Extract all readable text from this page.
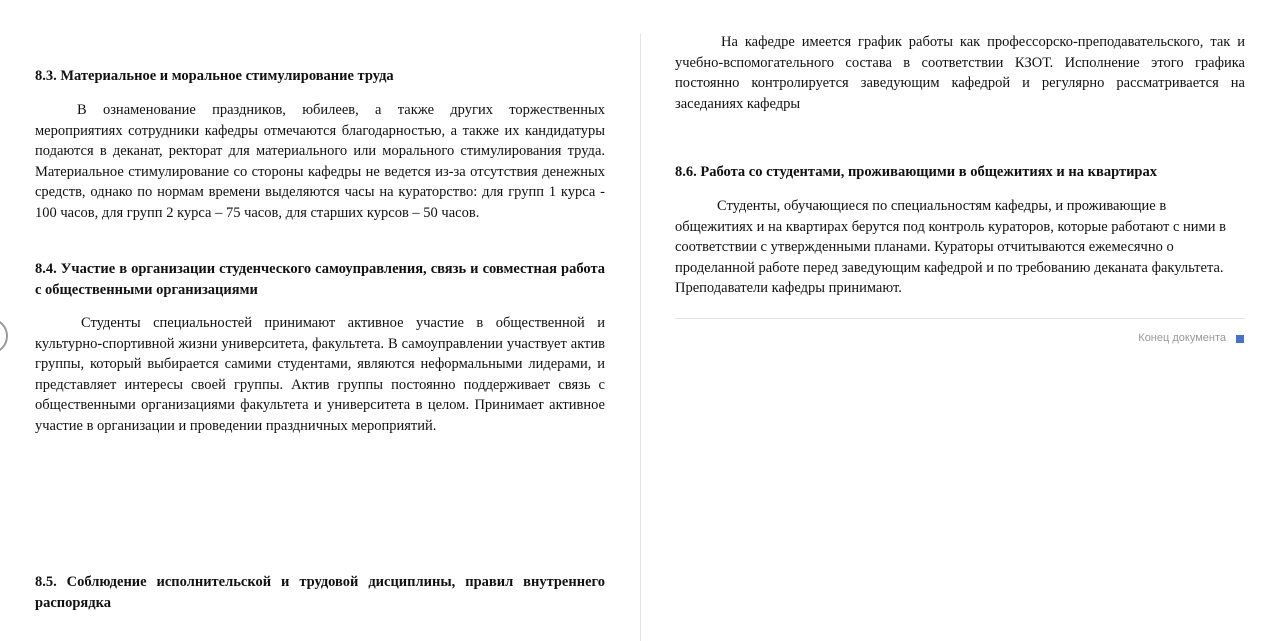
8.3. Материальное и моральное стимулирование труда

В ознаменование праздников, юбилеев, а также других торжественных мероприятиях сотрудники кафедры отмечаются благодарностью, а также их кандидатуры подаются в деканат, ректорат для материального или морального стимулирования труда. Материальное стимулирование со стороны кафедры не ведется из-за отсутствия денежных средств, однако по нормам времени выделяются часы на кураторство: для групп 1 курса - 100 часов, для групп 2 курса – 75 часов, для старших курсов – 50 часов.

8.4. Участие в организации студенческого самоуправления, связь и совместная работа с общественными организациями

Студенты специальностей принимают активное участие в общественной и культурно-спортивной жизни университета, факультета. В самоуправлении участвует актив группы, который выбирается самими студентами, являются неформальными лидерами, и представляет интересы своей группы. Актив группы постоянно поддерживает связь с общественными организациями факультета и университета в целом. Принимает активное участие в организации и проведении праздничных мероприятий.

8.5. Соблюдение исполнительской и трудовой дисциплины, правил внутреннего распорядка

На кафедре имеется график работы как профессорско-преподавательского, так и учебно-вспомогательного состава в соответствии КЗОТ. Исполнение этого графика постоянно контролируется заведующим кафедрой и регулярно рассматривается на заседаниях кафедры

8.6. Работа со студентами, проживающими в общежитиях и на квартирах

Студенты, обучающиеся по специальностям кафедры, и проживающие в общежитиях и на квартирах берутся под контроль кураторов, которые работают с ними в соответствии с утвержденными планами. Кураторы отчитываются ежемесячно о проделанной работе перед заведующим кафедрой и по требованию деканата факультета. Преподаватели кафедры принимают.

Конец документа
